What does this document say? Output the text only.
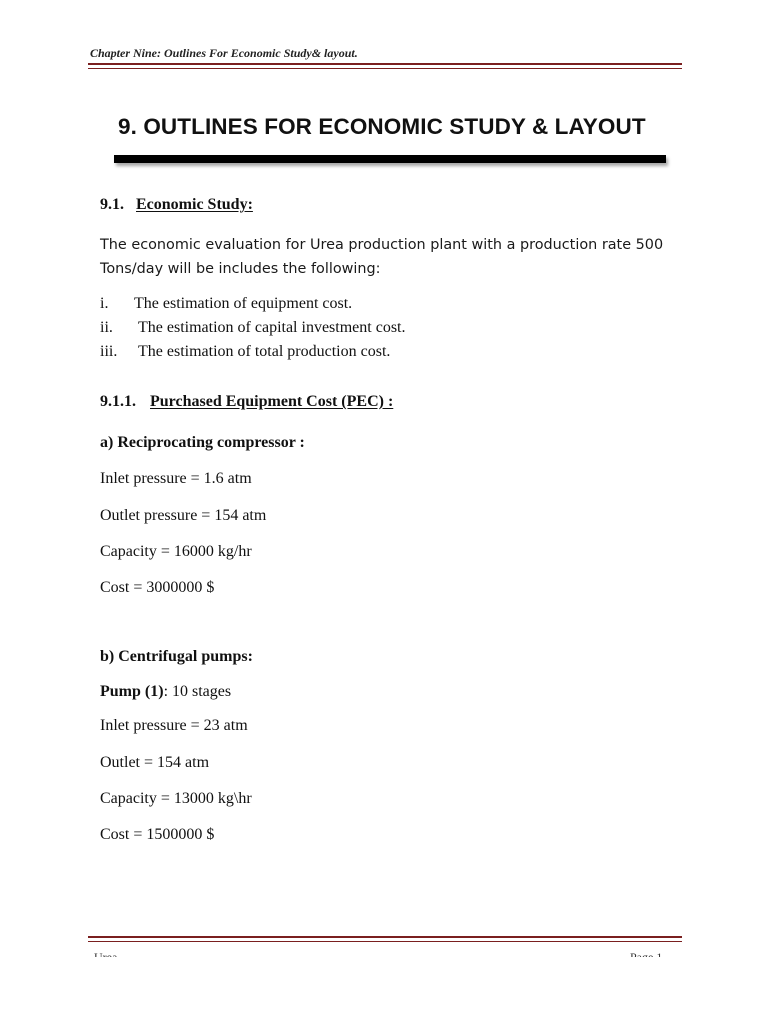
Chapter Nine: Outlines For Economic Study& layout.
9. OUTLINES FOR ECONOMIC STUDY & LAYOUT
9.1. Economic Study:
The economic evaluation for Urea production plant with a production rate 500 Tons/day will be includes the following:
i. The estimation of equipment cost.
ii. The estimation of capital investment cost.
iii. The estimation of total production cost.
9.1.1. Purchased Equipment Cost (PEC) :
a) Reciprocating compressor :
Inlet pressure = 1.6 atm
Outlet pressure = 154 atm
Capacity = 16000 kg/hr
Cost = 3000000 $
b) Centrifugal pumps:
Pump (1): 10 stages
Inlet pressure = 23 atm
Outlet = 154 atm
Capacity = 13000 kg\hr
Cost = 1500000 $
